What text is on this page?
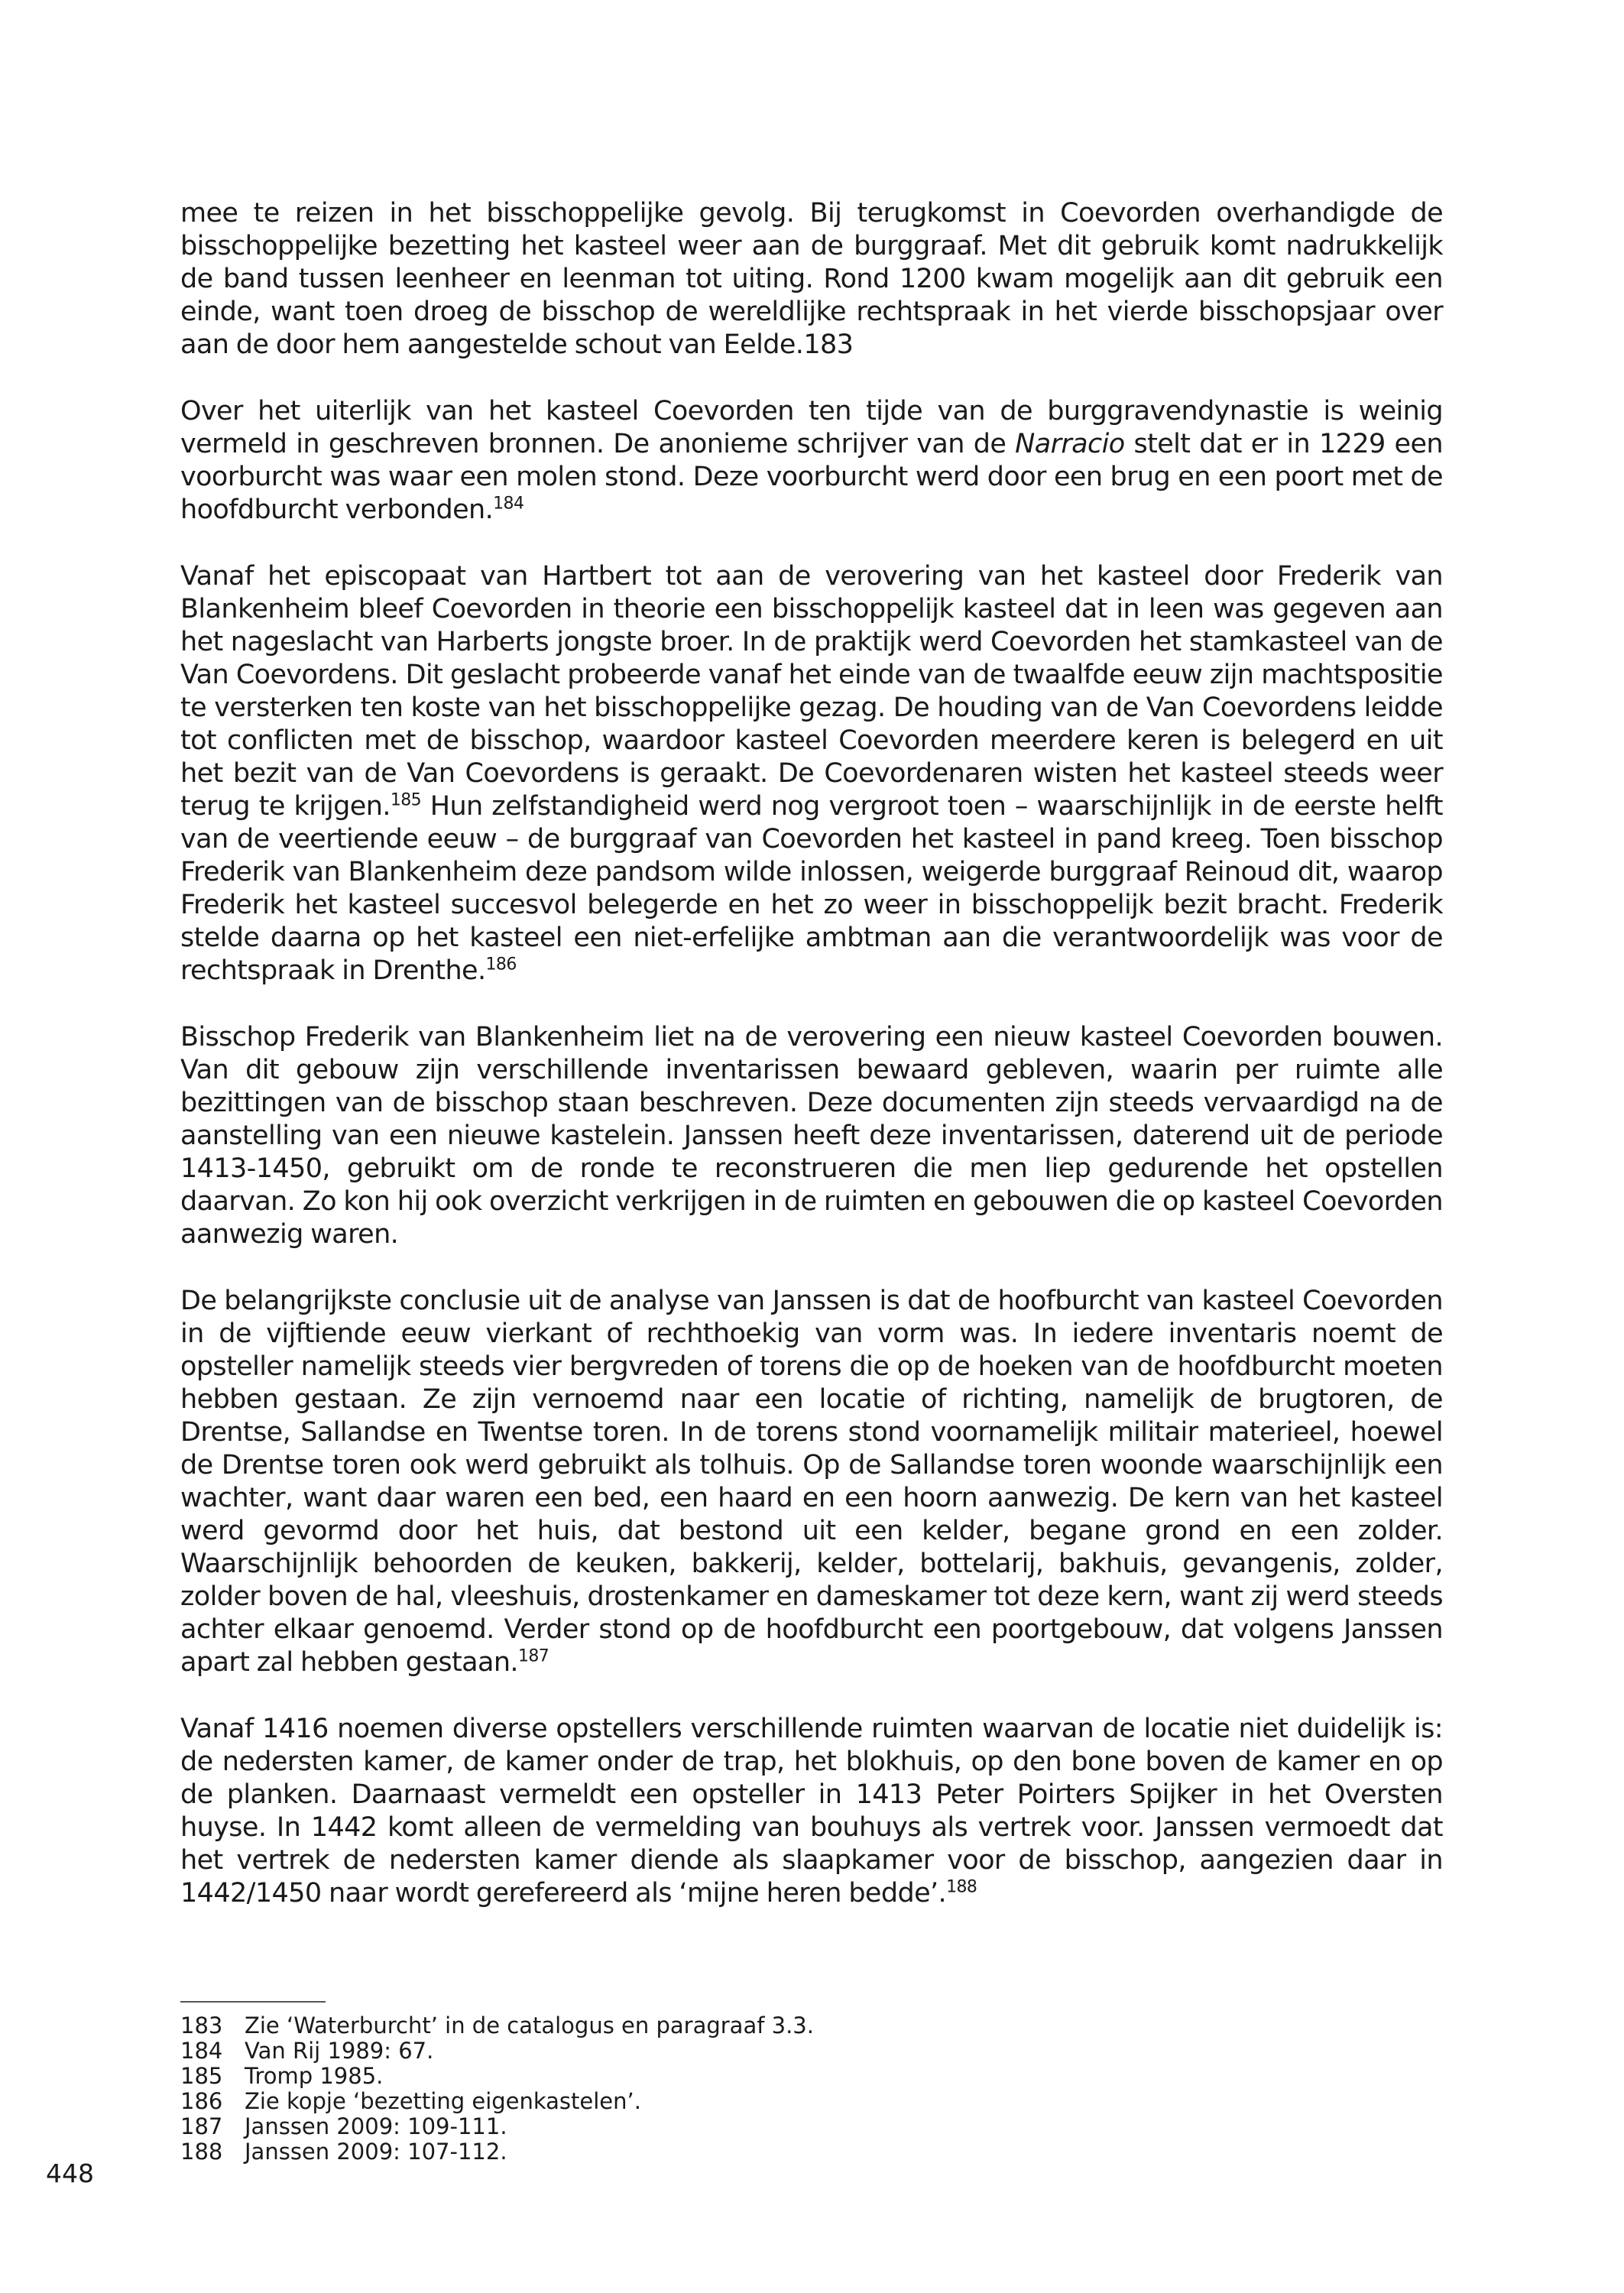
mee te reizen in het bisschoppelijke gevolg. Bij terugkomst in Coevorden overhandigde de bisschoppelijke bezetting het kasteel weer aan de burggraaf. Met dit gebruik komt nadrukkelijk de band tussen leenheer en leenman tot uiting. Rond 1200 kwam mogelijk aan dit gebruik een einde, want toen droeg de bisschop de wereldlijke rechtspraak in het vierde bisschopsjaar over aan de door hem aangestelde schout van Eelde.183

Over het uiterlijk van het kasteel Coevorden ten tijde van de burggravendynastie is weinig vermeld in geschreven bronnen. De anonieme schrijver van de Narracio stelt dat er in 1229 een voorburcht was waar een molen stond. Deze voorburcht werd door een brug en een poort met de hoofdburcht verbonden.$^{184}$

Vanaf het episcopaat van Hartbert tot aan de verovering van het kasteel door Frederik van Blankenheim bleef Coevorden in theorie een bisschoppelijk kasteel dat in leen was gegeven aan het nageslacht van Harberts jongste broer. In de praktijk werd Coevorden het stamkasteel van de Van Coevordens. Dit geslacht probeerde vanaf het einde van de twaalfde eeuw zijn machtspositie te versterken ten koste van het bisschoppelijke gezag. De houding van de Van Coevordens leidde tot conflicten met de bisschop, waardoor kasteel Coevorden meerdere keren is belegerd en uit het bezit van de Van Coevordens is geraakt. De Coevordenaren wisten het kasteel steeds weer terug te krijgen.$^{185}$ Hun zelfstandigheid werd nog vergroot toen – waarschijnlijk in de eerste helft van de veertiende eeuw – de burggraaf van Coevorden het kasteel in pand kreeg. Toen bisschop Frederik van Blankenheim deze pandsom wilde inlossen, weigerde burggraaf Reinoud dit, waarop Frederik het kasteel succesvol belegerde en het zo weer in bisschoppelijk bezit bracht. Frederik stelde daarna op het kasteel een niet-erfelijke ambtman aan die verantwoordelijk was voor de rechtspraak in Drenthe.$^{186}$

Bisschop Frederik van Blankenheim liet na de verovering een nieuw kasteel Coevorden bouwen. Van dit gebouw zijn verschillende inventarissen bewaard gebleven, waarin per ruimte alle bezittingen van de bisschop staan beschreven. Deze documenten zijn steeds vervaardigd na de aanstelling van een nieuwe kastelein. Janssen heeft deze inventarissen, daterend uit de periode 1413-1450, gebruikt om de ronde te reconstrueren die men liep gedurende het opstellen daarvan. Zo kon hij ook overzicht verkrijgen in de ruimten en gebouwen die op kasteel Coevorden aanwezig waren.

De belangrijkste conclusie uit de analyse van Janssen is dat de hoofburcht van kasteel Coevorden in de vijftiende eeuw vierkant of rechthoekig van vorm was. In iedere inventaris noemt de opsteller namelijk steeds vier bergvreden of torens die op de hoeken van de hoofdburcht moeten hebben gestaan. Ze zijn vernoemd naar een locatie of richting, namelijk de brugtoren, de Drentse, Sallandse en Twentse toren. In de torens stond voornamelijk militair materieel, hoewel de Drentse toren ook werd gebruikt als tolhuis. Op de Sallandse toren woonde waarschijnlijk een wachter, want daar waren een bed, een haard en een hoorn aanwezig. De kern van het kasteel werd gevormd door het huis, dat bestond uit een kelder, begane grond en een zolder. Waarschijnlijk behoorden de keuken, bakkerij, kelder, bottelarij, bakhuis, gevangenis, zolder, zolder boven de hal, vleeshuis, drostenkamer en dameskamer tot deze kern, want zij werd steeds achter elkaar genoemd. Verder stond op de hoofdburcht een poortgebouw, dat volgens Janssen apart zal hebben gestaan.$^{187}$

Vanaf 1416 noemen diverse opstellers verschillende ruimten waarvan de locatie niet duidelijk is: de nedersten kamer, de kamer onder de trap, het blokhuis, op den bone boven de kamer en op de planken. Daarnaast vermeldt een opsteller in 1413 Peter Poirters Spijker in het Oversten huyse. In 1442 komt alleen de vermelding van bouhuys als vertrek voor. Janssen vermoedt dat het vertrek de nedersten kamer diende als slaapkamer voor de bisschop, aangezien daar in 1442/1450 naar wordt gerefereerd als ‘mijne heren bedde’.$^{188}$

183 Zie ‘Waterburcht’ in de catalogus en paragraaf 3.3.
184 Van Rij 1989: 67.
185 Tromp 1985.
186 Zie kopje ‘bezetting eigenkastelen’.
187 Janssen 2009: 109-111.
188 Janssen 2009: 107-112.
448
